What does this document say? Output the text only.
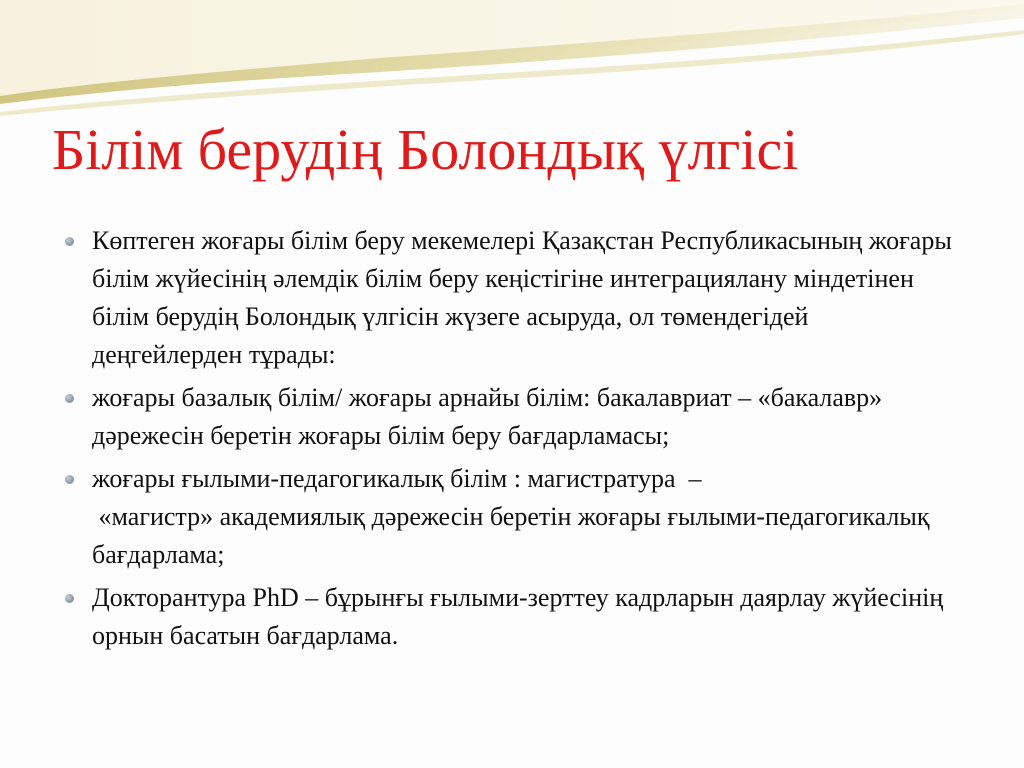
Білім берудің Болондық үлгісі
Көптеген жоғары білім беру мекемелері Қазақстан Республикасының жоғары білім жүйесінің әлемдік білім беру кеңістігіне интеграциялану міндетінен білім берудің Болондық үлгісін жүзеге асыруда, ол төмендегідей деңгейлерден тұрады:
жоғары базалық білім/ жоғары арнайы білім: бакалавриат – «бакалавр» дәрежесін беретін жоғары білім беру бағдарламасы;
жоғары ғылыми-педагогикалық білім : магистратура  –
«магистр» академиялық дәрежесін беретін жоғары ғылыми-педагогикалық бағдарлама;
Докторантура PhD – бұрынғы ғылыми-зерттеу кадрларын даярлау жүйесінің орнын басатын бағдарлама.
